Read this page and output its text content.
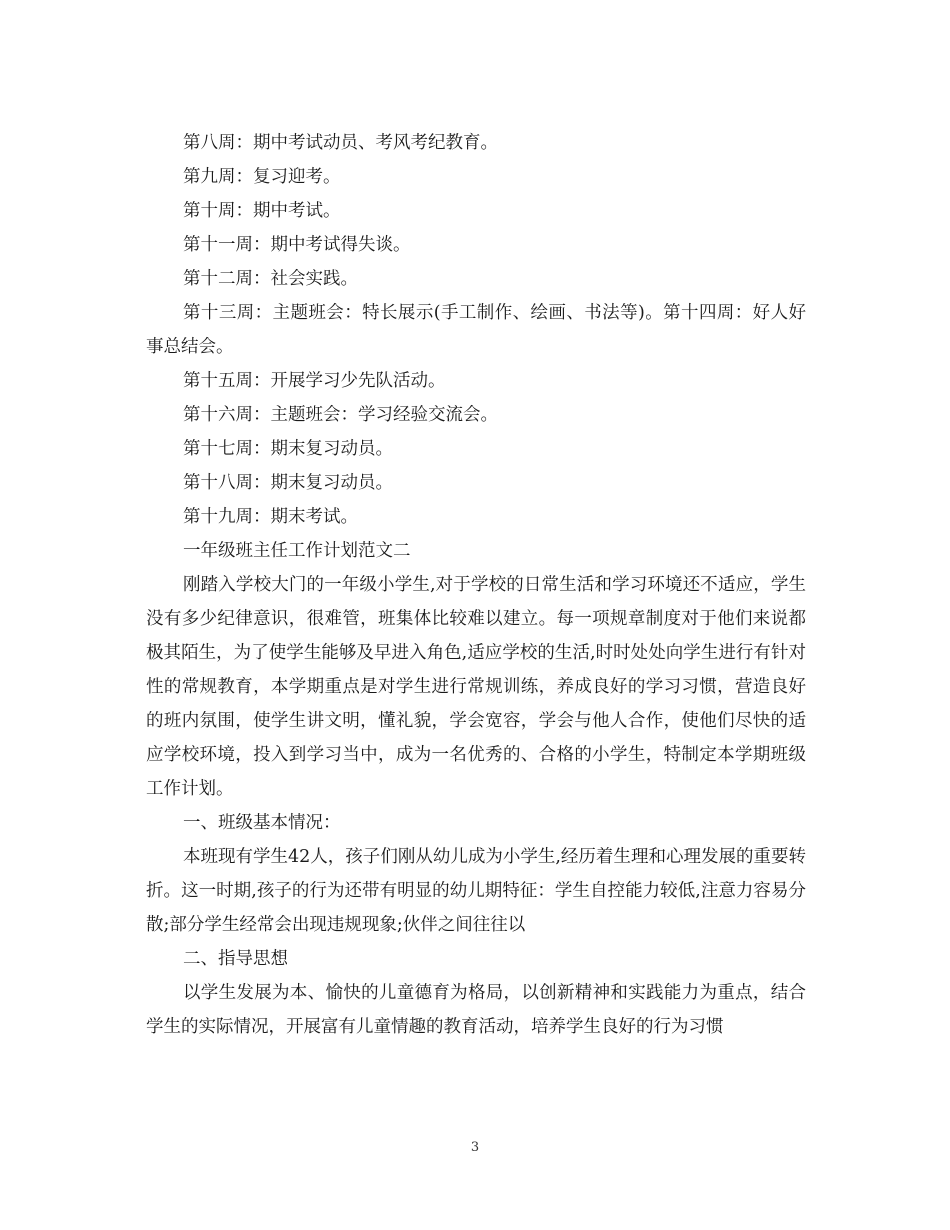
第八周：期中考试动员、考风考纪教育。

第九周：复习迎考。

第十周：期中考试。

第十一周：期中考试得失谈。

第十二周：社会实践。

第十三周：主题班会：特长展示(手工制作、绘画、书法等)。第十四周：好人好事总结会。

第十五周：开展学习少先队活动。

第十六周：主题班会：学习经验交流会。

第十七周：期末复习动员。

第十八周：期末复习动员。

第十九周：期末考试。

一年级班主任工作计划范文二

刚踏入学校大门的一年级小学生,对于学校的日常生活和学习环境还不适应，学生没有多少纪律意识，很难管，班集体比较难以建立。每一项规章制度对于他们来说都极其陌生，为了使学生能够及早进入角色,适应学校的生活,时时处处向学生进行有针对性的常规教育，本学期重点是对学生进行常规训练，养成良好的学习习惯，营造良好的班内氛围，使学生讲文明，懂礼貌，学会宽容，学会与他人合作，使他们尽快的适应学校环境，投入到学习当中，成为一名优秀的、合格的小学生，特制定本学期班级工作计划。

一、班级基本情况：

本班现有学生42人，孩子们刚从幼儿成为小学生,经历着生理和心理发展的重要转折。这一时期,孩子的行为还带有明显的幼儿期特征：学生自控能力较低,注意力容易分散;部分学生经常会出现违规现象;伙伴之间往往以

二、指导思想

以学生发展为本、愉快的儿童德育为格局，以创新精神和实践能力为重点，结合学生的实际情况，开展富有儿童情趣的教育活动，培养学生良好的行为习惯

3
